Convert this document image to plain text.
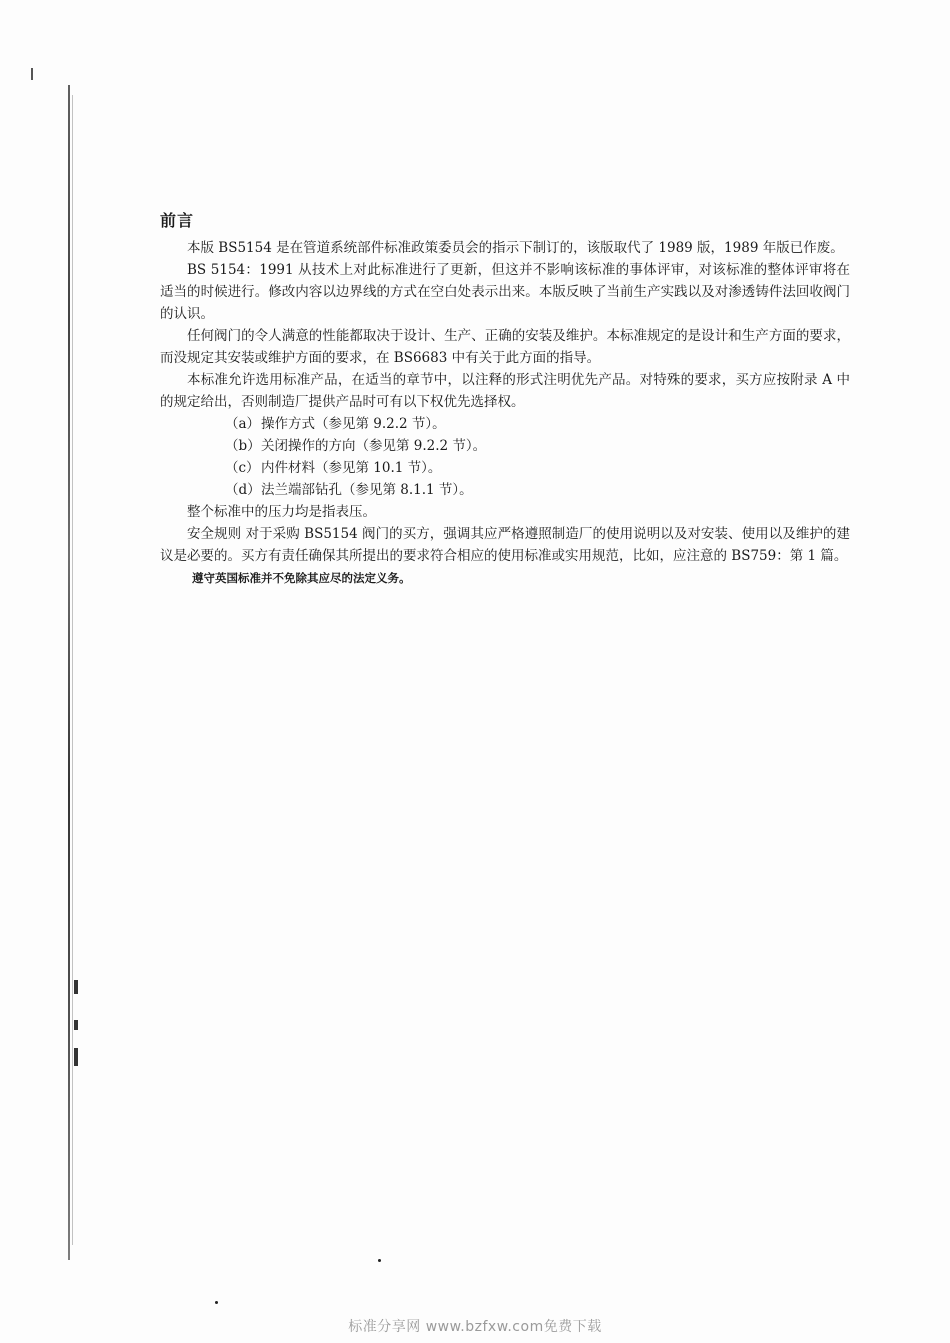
前言

本版 BS5154 是在管道系统部件标准政策委员会的指示下制订的，该版取代了 1989 版，1989 年版已作废。

BS 5154：1991 从技术上对此标准进行了更新，但这并不影响该标准的事体评审，对该标准的整体评审将在适当的时候进行。修改内容以边界线的方式在空白处表示出来。本版反映了当前生产实践以及对渗透铸件法回收阀门的认识。

任何阀门的令人满意的性能都取决于设计、生产、正确的安装及维护。本标准规定的是设计和生产方面的要求，而没规定其安装或维护方面的要求，在 BS6683 中有关于此方面的指导。

本标准允许选用标准产品，在适当的章节中，以注释的形式注明优先产品。对特殊的要求，买方应按附录 A 中的规定给出，否则制造厂提供产品时可有以下权优先选择权。

（a）操作方式（参见第 9.2.2 节）。
（b）关闭操作的方向（参见第 9.2.2 节）。
（c）内件材料（参见第 10.1 节）。
（d）法兰端部钻孔（参见第 8.1.1 节）。

整个标准中的压力均是指表压。

安全规则 对于采购 BS5154 阀门的买方，强调其应严格遵照制造厂的使用说明以及对安装、使用以及维护的建议是必要的。买方有责任确保其所提出的要求符合相应的使用标准或实用规范，比如，应注意的 BS759：第 1 篇。

遵守英国标准并不免除其应尽的法定义务。

标准分享网 www.bzfxw.com免费下载
